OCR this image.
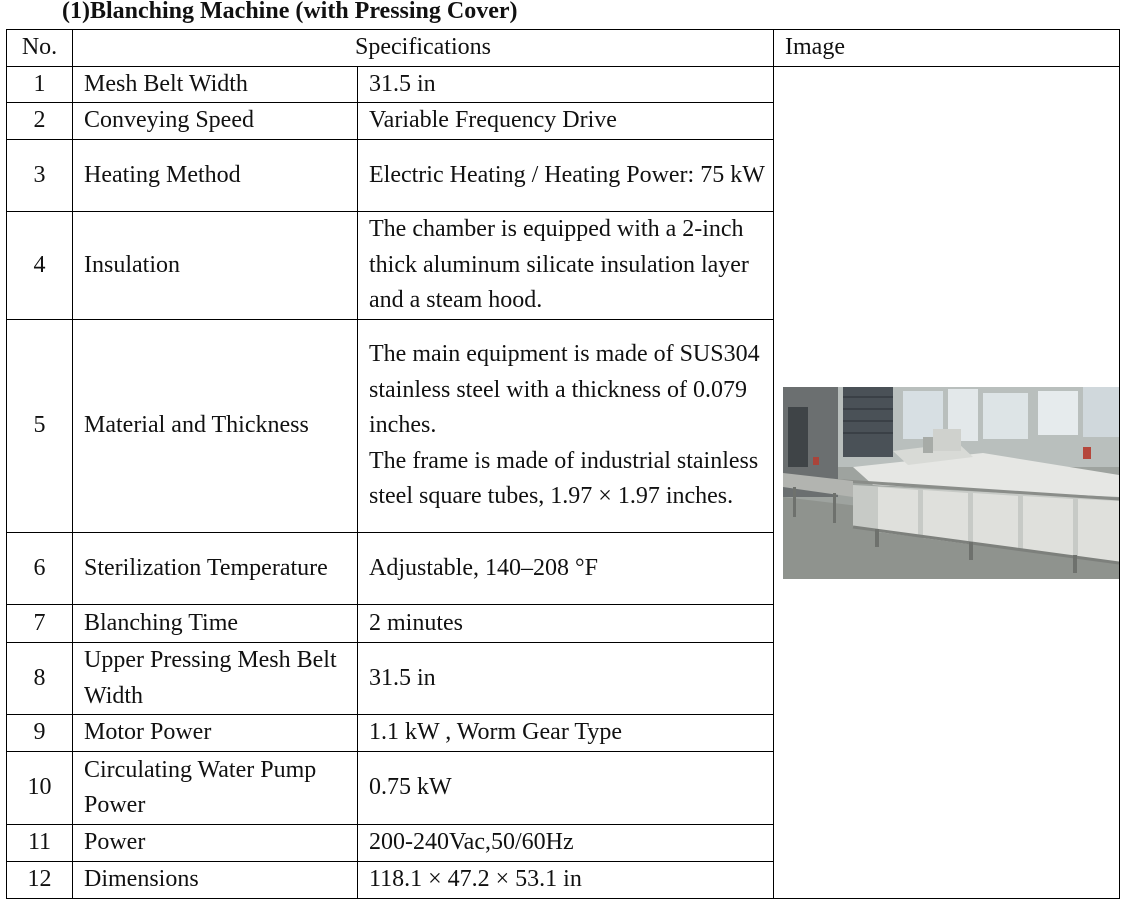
(1)Blanching Machine (with Pressing Cover)
No.	Specifications		Image
1	Mesh Belt Width	31.5 in	

2	Conveying Speed	Variable Frequency Drive	
3	Heating Method	Electric Heating / Heating Power: 75 kW	
4	Insulation	The chamber is equipped with a 2-inch thick aluminum silicate insulation layer and a steam hood.	
5	Material and Thickness	The main equipment is made of SUS304 stainless steel with a thickness of 0.079 inches.
The frame is made of industrial stainless steel square tubes, 1.97 × 1.97 inches.	

6	Sterilization Temperature	Adjustable, 140–208 °F	
7	Blanching Time	2 minutes	
8	Upper Pressing Mesh Belt Width	31.5 in	
9	Motor Power	1.1 kW , Worm Gear Type	
10	Circulating Water Pump Power	0.75 kW	
11	Power	200-240Vac,50/60Hz	
12	Dimensions	118.1 × 47.2 × 53.1 in	
